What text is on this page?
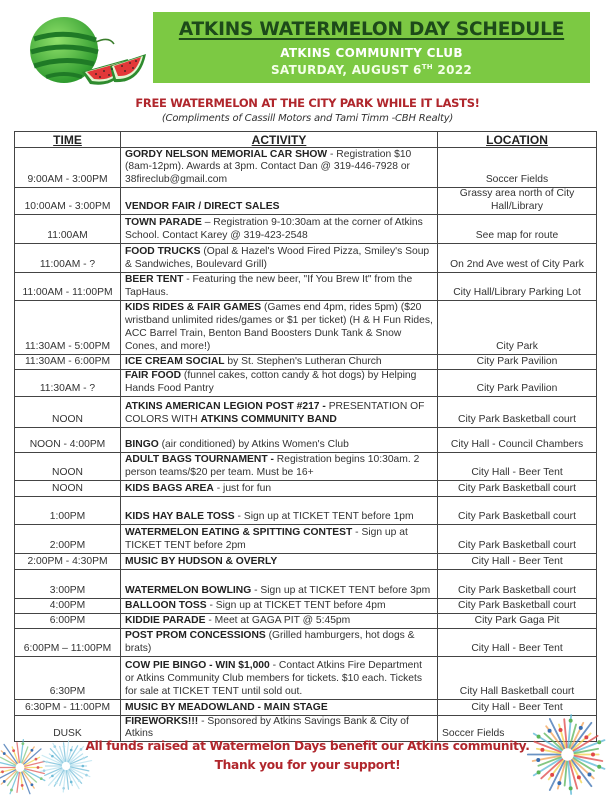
ATKINS WATERMELON DAY SCHEDULE
ATKINS COMMUNITY CLUB
SATURDAY, AUGUST 6TH 2022
FREE WATERMELON AT THE CITY PARK WHILE IT LASTS!
(Compliments of Cassill Motors and Tami Timm -CBH Realty)
TIME	ACTIVITY	LOCATION
9:00AM - 3:00PM	GORDY NELSON MEMORIAL CAR SHOW - Registration $10 (8am-12pm). Awards at 3pm. Contact Dan @ 319-446-7928 or 38fireclub@gmail.com	Soccer Fields
10:00AM - 3:00PM	VENDOR FAIR / DIRECT SALES	Grassy area north of City Hall/Library
11:00AM	TOWN PARADE – Registration 9-10:30am at the corner of Atkins School. Contact Karey @ 319-423-2548	See map for route
11:00AM - ?	FOOD TRUCKS (Opal & Hazel's Wood Fired Pizza, Smiley's Soup & Sandwiches, Boulevard Grill)	On 2nd Ave west of City Park
11:00AM - 11:00PM	BEER TENT - Featuring the new beer, "If You Brew It" from the TapHaus.	City Hall/Library Parking Lot
11:30AM - 5:00PM	KIDS RIDES & FAIR GAMES (Games end 4pm, rides 5pm) ($20 wristband unlimited rides/games or $1 per ticket) (H & H Fun Rides, ACC Barrel Train, Benton Band Boosters Dunk Tank & Snow Cones, and more!)	City Park
11:30AM - 6:00PM	ICE CREAM SOCIAL by St. Stephen's Lutheran Church	City Park Pavilion
11:30AM - ?	FAIR FOOD (funnel cakes, cotton candy & hot dogs) by Helping Hands Food Pantry	City Park Pavilion
NOON	ATKINS AMERICAN LEGION POST #217 - PRESENTATION OF COLORS WITH ATKINS COMMUNITY BAND	City Park Basketball court
NOON - 4:00PM	BINGO (air conditioned) by Atkins Women's Club	City Hall - Council Chambers
NOON	ADULT BAGS TOURNAMENT - Registration begins 10:30am. 2 person teams/$20 per team. Must be 16+	City Hall - Beer Tent
NOON	KIDS BAGS AREA - just for fun	City Park Basketball court
1:00PM	KIDS HAY BALE TOSS - Sign up at TICKET TENT before 1pm	City Park Basketball court
2:00PM	WATERMELON EATING & SPITTING CONTEST - Sign up at TICKET TENT before 2pm	City Park Basketball court
2:00PM - 4:30PM	MUSIC BY HUDSON & OVERLY	City Hall - Beer Tent
3:00PM	WATERMELON BOWLING - Sign up at TICKET TENT before 3pm	City Park Basketball court
4:00PM	BALLOON TOSS - Sign up at TICKET TENT before 4pm	City Park Basketball court
6:00PM	KIDDIE PARADE - Meet at GAGA PIT @ 5:45pm	City Park Gaga Pit
6:00PM – 11:00PM	POST PROM CONCESSIONS (Grilled hamburgers, hot dogs & brats)	City Hall - Beer Tent
6:30PM	COW PIE BINGO - WIN $1,000 - Contact Atkins Fire Department or Atkins Community Club members for tickets. $10 each. Tickets for sale at TICKET TENT until sold out.	City Hall Basketball court
6:30PM - 11:00PM	MUSIC BY MEADOWLAND - MAIN STAGE	City Hall - Beer Tent
DUSK	FIREWORKS!!! - Sponsored by Atkins Savings Bank & City of Atkins	Soccer Fields
All funds raised at Watermelon Days benefit our Atkins community.
Thank you for your support!
